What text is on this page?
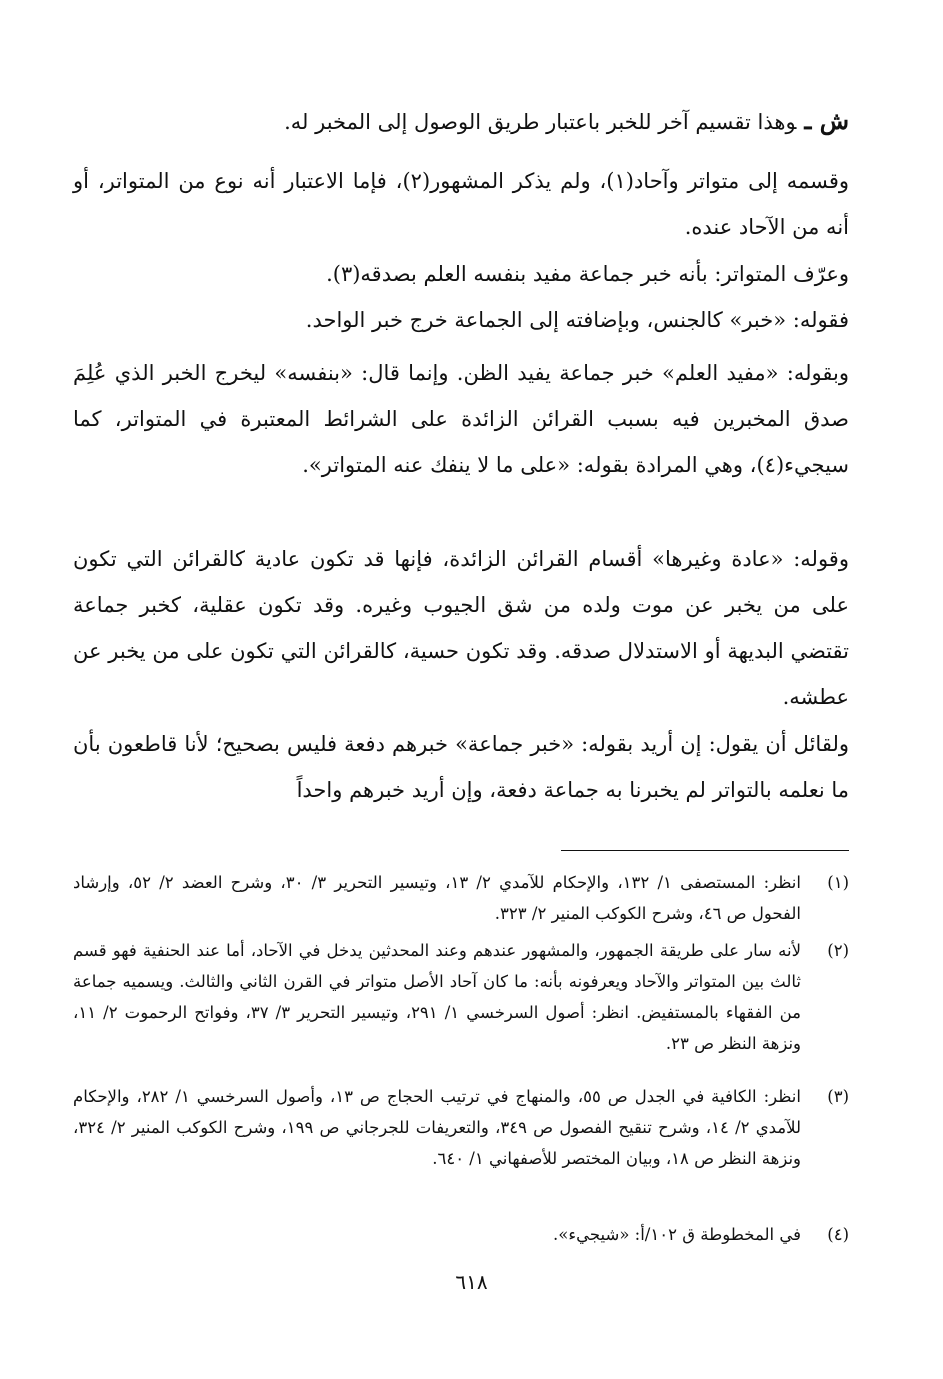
ش ـوهذا تقسيم آخر للخبر باعتبار طريق الوصول إلى المخبر له.

وقسمه إلى متواتر وآحاد(١)، ولم يذكر المشهور(٢)، فإما الاعتبار أنه نوع من المتواتر، أو أنه من الآحاد عنده.

وعرّف المتواتر: بأنه خبر جماعة مفيد بنفسه العلم بصدقه(٣).

فقوله: «خبر» كالجنس، وبإضافته إلى الجماعة خرج خبر الواحد.

وبقوله: «مفيد العلم» خبر جماعة يفيد الظن. وإنما قال: «بنفسه» ليخرج الخبر الذي عُلِمَ صدق المخبرين فيه بسبب القرائن الزائدة على الشرائط المعتبرة في المتواتر، كما سيجيء(٤)، وهي المرادة بقوله: «على ما لا ينفك عنه المتواتر».

وقوله: «عادة وغيرها» أقسام القرائن الزائدة، فإنها قد تكون عادية كالقرائن التي تكون على من يخبر عن موت ولده من شق الجيوب وغيره. وقد تكون عقلية، كخبر جماعة تقتضي البديهة أو الاستدلال صدقه. وقد تكون حسية، كالقرائن التي تكون على من يخبر عن عطشه.

ولقائل أن يقول: إن أريد بقوله: «خبر جماعة» خبرهم دفعة فليس بصحيح؛ لأنا قاطعون بأن ما نعلمه بالتواتر لم يخبرنا به جماعة دفعة، وإن أريد خبرهم واحداً

(١)
انظر: المستصفى ١/ ١٣٢، والإحكام للآمدي ٢/ ١٣، وتيسير التحرير ٣/ ٣٠، وشرح العضد ٢/ ٥٢، وإرشاد الفحول ص ٤٦، وشرح الكوكب المنير ٢/ ٣٢٣.
(٢)
لأنه سار على طريقة الجمهور، والمشهور عندهم وعند المحدثين يدخل في الآحاد، أما عند الحنفية فهو قسم ثالث بين المتواتر والآحاد ويعرفونه بأنه: ما كان آحاد الأصل متواتر في القرن الثاني والثالث. ويسميه جماعة من الفقهاء بالمستفيض. انظر: أصول السرخسي ١/ ٢٩١، وتيسير التحرير ٣/ ٣٧، وفواتح الرحموت ٢/ ١١، ونزهة النظر ص ٢٣.
(٣)
انظر: الكافية في الجدل ص ٥٥، والمنهاج في ترتيب الحجاج ص ١٣، وأصول السرخسي ١/ ٢٨٢، والإحكام للآمدي ٢/ ١٤، وشرح تنقيح الفصول ص ٣٤٩، والتعريفات للجرجاني ص ١٩٩، وشرح الكوكب المنير ٢/ ٣٢٤، ونزهة النظر ص ١٨، وبيان المختصر للأصفهاني ١/ ٦٤٠.
(٤)
في المخطوطة ق ١٠٢/أ: «شيجيء».
٦١٨
